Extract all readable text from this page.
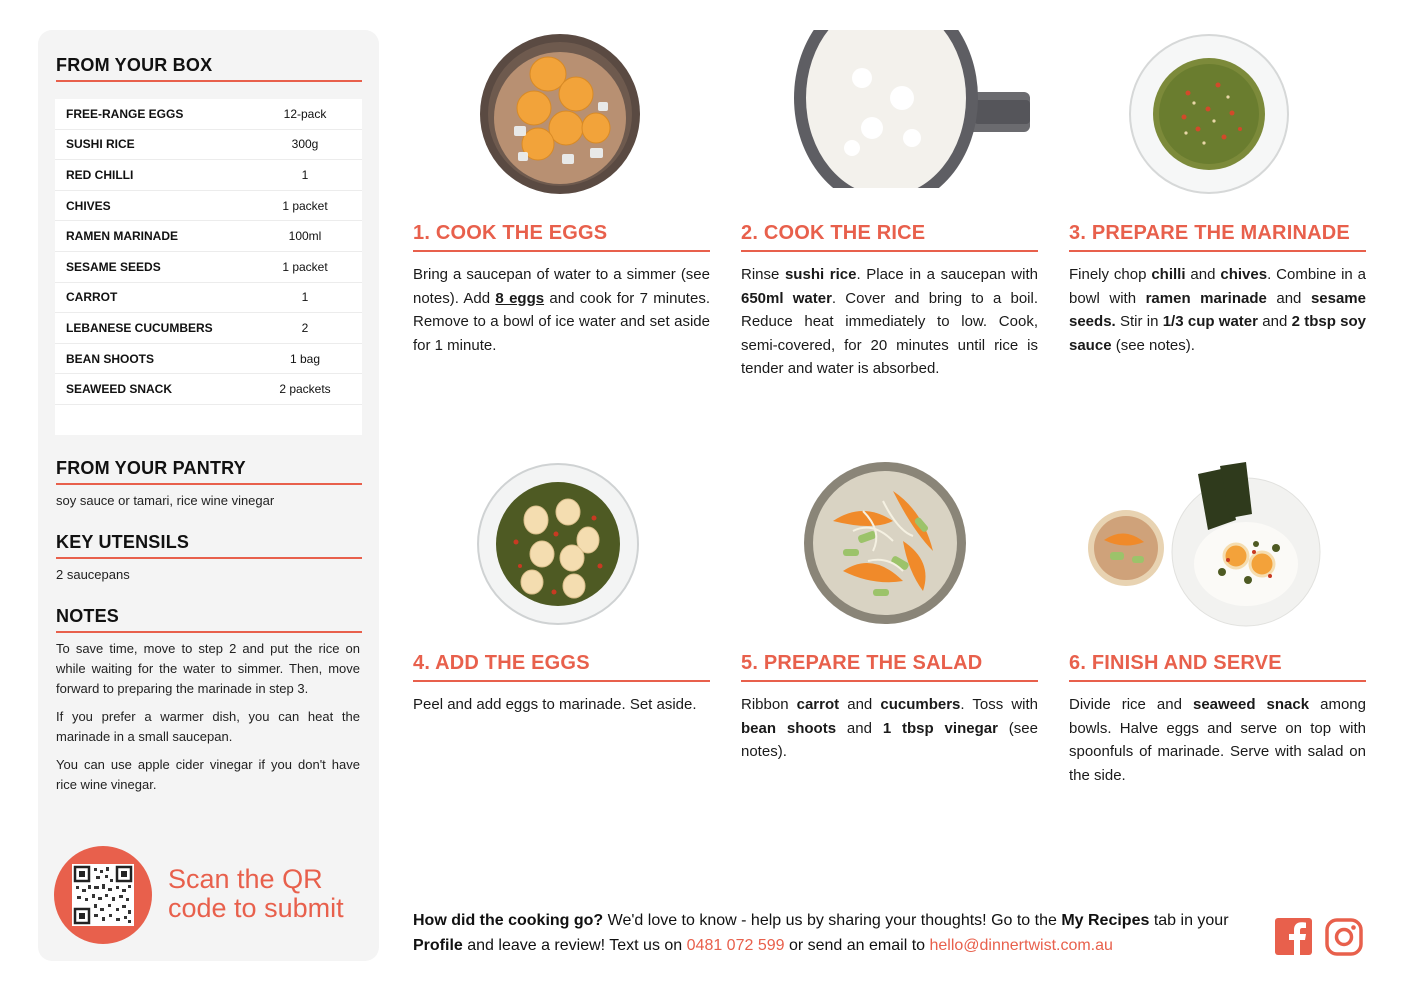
FROM YOUR BOX
FREE-RANGE EGGS	12-pack
SUSHI RICE	300g
RED CHILLI	1
CHIVES	1 packet
RAMEN MARINADE	100ml
SESAME SEEDS	1 packet
CARROT	1
LEBANESE CUCUMBERS	2
BEAN SHOOTS	1 bag
SEAWEED SNACK	2 packets
FROM YOUR PANTRY
soy sauce or tamari, rice wine vinegar
KEY UTENSILS
2 saucepans
NOTES

To save time, move to step 2 and put the rice on while waiting for the water to simmer. Then, move forward to preparing the marinade in step 3.

If you prefer a warmer dish, you can heat the marinade in a small saucepan.

You can use apple cider vinegar if you don't have rice wine vinegar.

Scan the QR
code to submit
1. COOK THE EGGS
Bring a saucepan of water to a simmer (see notes). Add 8 eggs and cook for 7 minutes. Remove to a bowl of ice water and set aside for 1 minute.
2. COOK THE RICE
Rinse sushi rice. Place in a saucepan with 650ml water. Cover and bring to a boil. Reduce heat immediately to low. Cook, semi-covered, for 20 minutes until rice is tender and water is absorbed.
3. PREPARE THE MARINADE
Finely chop chilli and chives. Combine in a bowl with ramen marinade and sesame seeds. Stir in 1/3 cup water and 2 tbsp soy sauce (see notes).
4. ADD THE EGGS
Peel and add eggs to marinade. Set aside.
5. PREPARE THE SALAD
Ribbon carrot and cucumbers. Toss with bean shoots and 1 tbsp vinegar (see notes).
6. FINISH AND SERVE
Divide rice and seaweed snack among bowls. Halve eggs and serve on top with spoonfuls of marinade. Serve with salad on the side.
How did the cooking go? We'd love to know - help us by sharing your thoughts! Go to the My Recipes tab in your Profile and leave a review! Text us on 0481 072 599 or send an email to hello@dinnertwist.com.au
